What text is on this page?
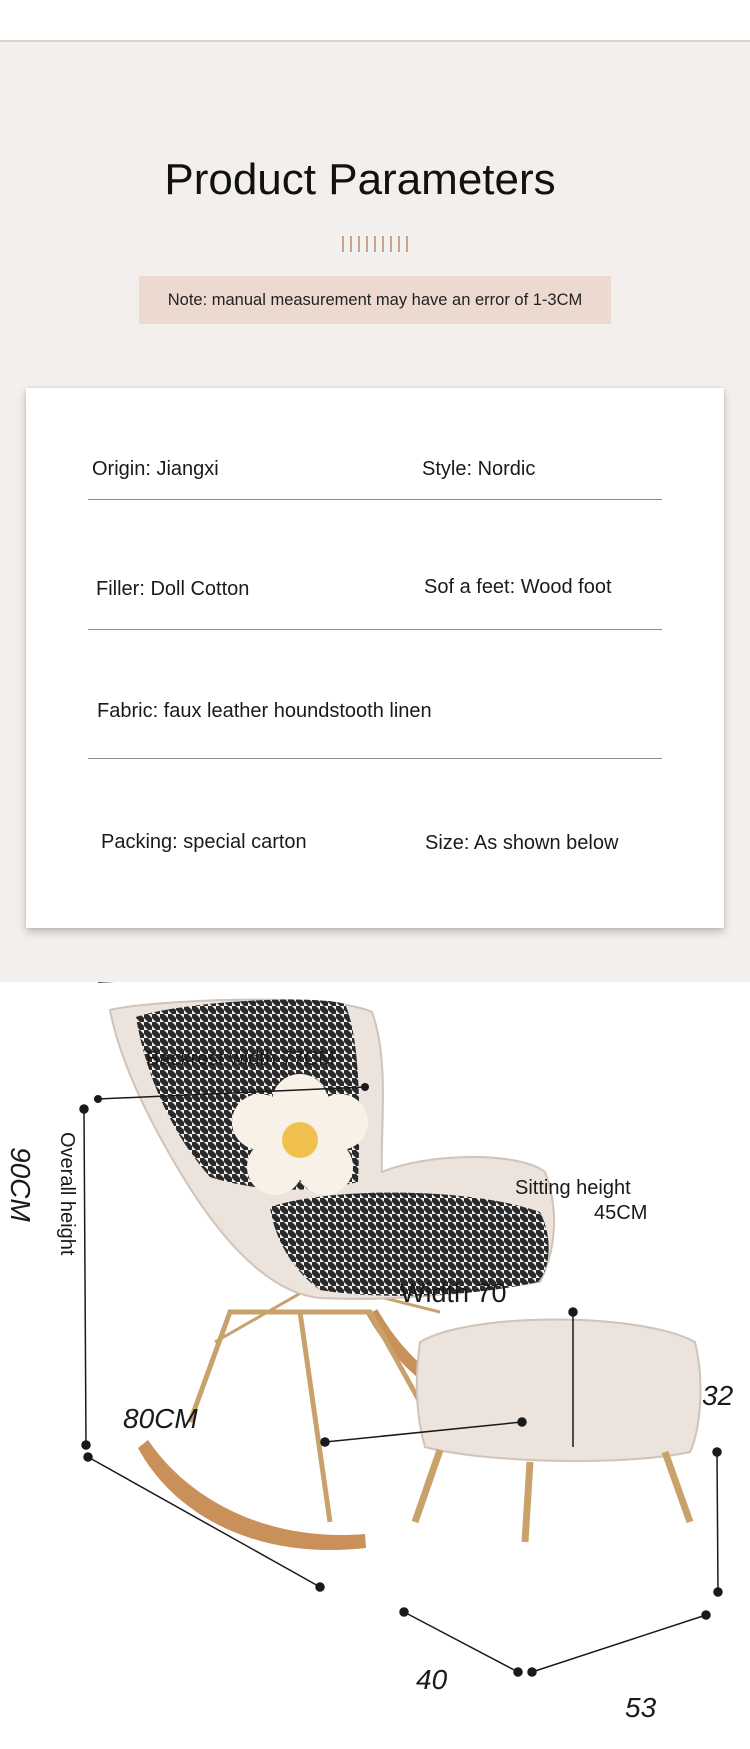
Product Parameters
Note: manual measurement may have an error of 1-3CM
Origin: Jiangxi	Style: Nordic
Filler: Doll Cotton	Sof a feet: Wood foot
Fabric: faux leather houndstooth linen
Packing: special carton	Size: As shown below
Backrest width 77CM
90CM Overall height	Sitting height
45CM
Width 70
80CM
32
40
53
